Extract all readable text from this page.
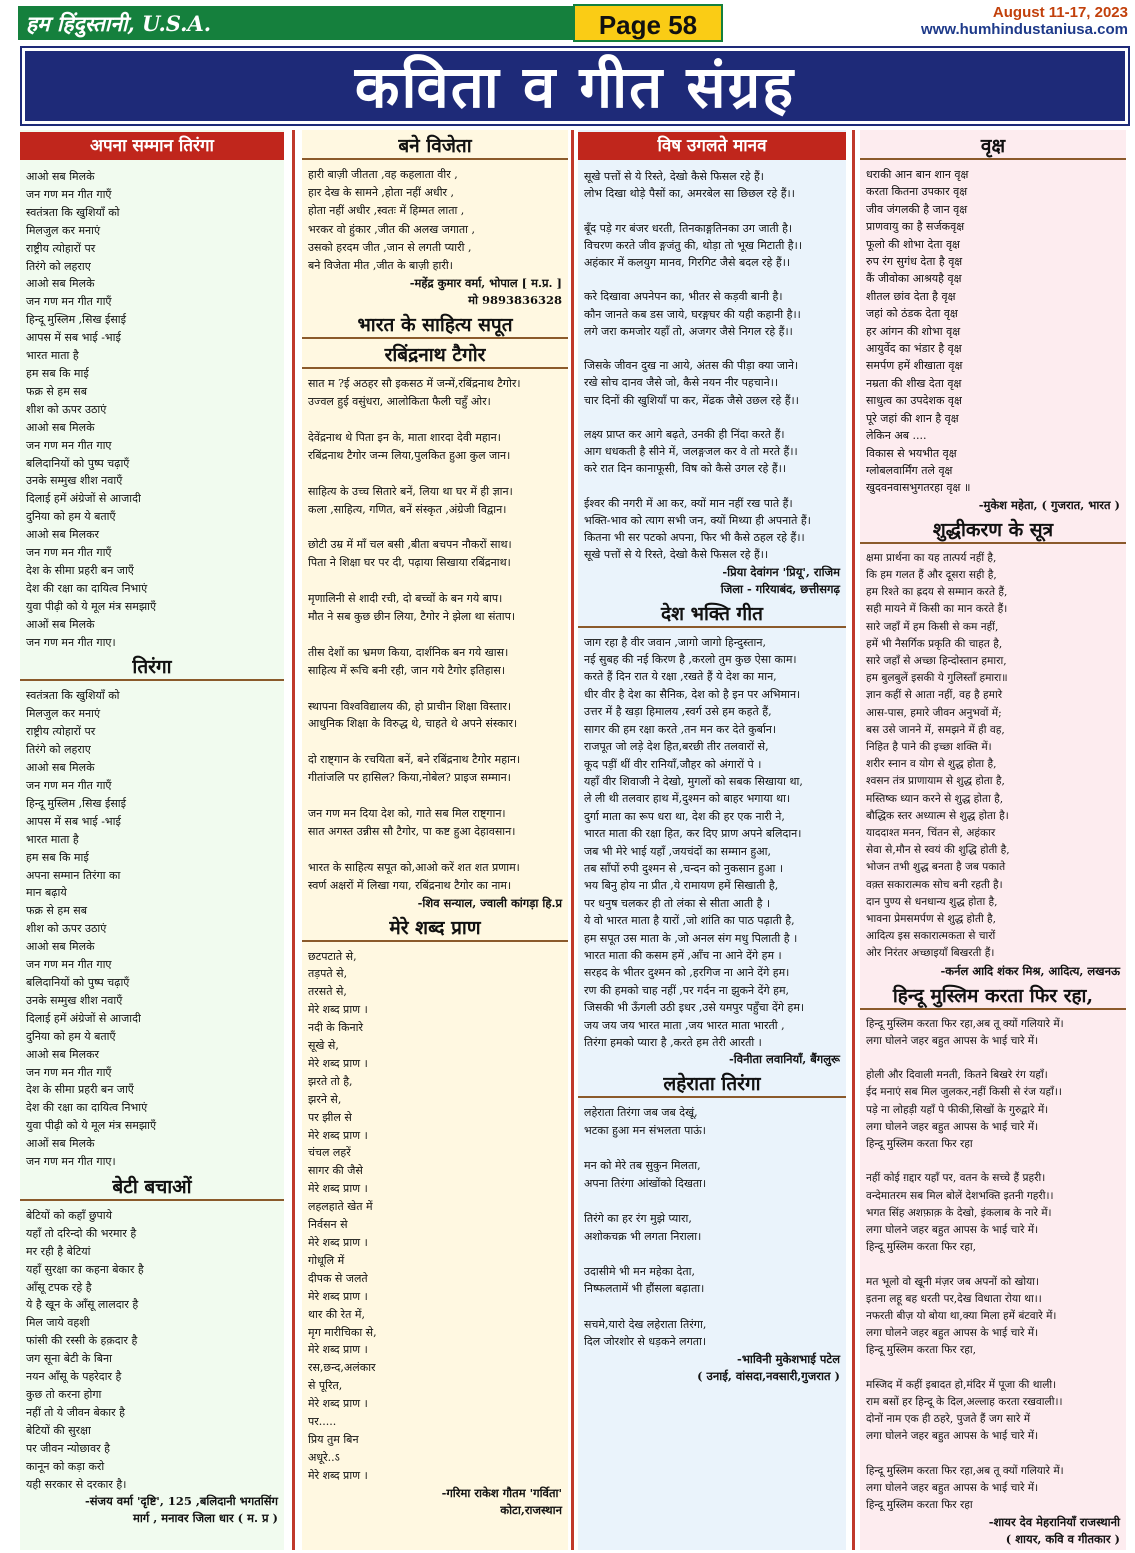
हम हिंदुस्तानी, U.S.A.	Page 58	August 11-17, 2023
www.humhindustaniusa.com
कविता व गीत संग्रह
अपना सम्मान तिरंगा
आओ सब मिलके
जन गण मन गीत गाएँ
स्वतंत्रता कि खुशियाँ को
मिलजुल कर मनाएं
राष्ट्रीय त्योहारों पर
तिरंगे को लहराए
आओ सब मिलके
जन गण मन गीत गाएँ
हिन्दू मुस्लिम ,सिख ईसाई
आपस में सब भाई -भाई
भारत माता है
हम सब कि माई
फक्र से हम सब
शीश को ऊपर उठाएं
आओ सब मिलके
जन गण मन गीत गाए
बलिदानियों को पुष्प चढ़ाएँ
उनके सम्मुख शीश नवाएँ
दिलाई हमें अंग्रेजों से आजादी
दुनिया को हम ये बताएँ
आओ सब मिलकर
जन गण मन गीत गाएँ
देश के सीमा प्रहरी बन जाएँ
देश की रक्षा का दायित्व निभाएं
युवा पीढ़ी को ये मूल मंत्र समझाएँ
आओं सब मिलके
जन गण मन गीत गाए।
तिरंगा
स्वतंत्रता कि खुशियाँ को
मिलजुल कर मनाएं
राष्ट्रीय त्योहारों पर
तिरंगे को लहराए
आओ सब मिलके
जन गण मन गीत गाएँ
हिन्दू मुस्लिम ,सिख ईसाई
आपस में सब भाई -भाई
भारत माता है
हम सब कि माई
अपना सम्मान तिरंगा का
मान बढ़ाये
फक्र से हम सब
शीश को ऊपर उठाएं
आओ सब मिलके
जन गण मन गीत गाए
बलिदानियों को पुष्प चढ़ाएँ
उनके सम्मुख शीश नवाएँ
दिलाई हमें अंग्रेजों से आजादी
दुनिया को हम ये बताएँ
आओ सब मिलकर
जन गण मन गीत गाएँ
देश के सीमा प्रहरी बन जाएँ
देश की रक्षा का दायित्व निभाएं
युवा पीढ़ी को ये मूल मंत्र समझाएँ
आओं सब मिलके
जन गण मन गीत गाए।
बेटी बचाओं
बेटियों को कहाँ छुपाये
यहाँ तो दरिन्दो की भरमार है
मर रही है बेटियां
यहाँ सुरक्षा का कहना बेकार है
आँसू टपक रहे है
ये है खून के आँसू लालदार है
मिल जाये वहशी
फांसी की रस्सी के हक़दार है
जग सूना बेटी के बिना
नयन आँसू के पहरेदार है
कुछ तो करना होगा
नहीं तो ये जीवन बेकार है
बेटियों की सुरक्षा
पर जीवन न्योछावर है
कानून को कड़ा करो
यही सरकार से दरकार है।
-संजय वर्मा 'दृष्टि', 125 ,बलिदानी भगतसिंग
मार्ग , मनावर जिला धार ( म. प्र )
बने विजेता
हारी बाज़ी जीतता ,वह कहलाता वीर ,
हार देख के सामने ,होता नहीं अधीर ,
होता नहीं अधीर ,स्वतः में हिम्मत लाता ,
भरकर वो हुंकार ,जीत की अलख जगाता ,
उसको हरदम जीत ,जान से लगती प्यारी ,
बने विजेता मीत ,जीत के बाज़ी हारी।
-महेंद्र कुमार वर्मा, भोपाल [ म.प्र. ]
मो 9893836328
भारत के साहित्य सपूत
रबिंद्रनाथ टैगोर
सात म ?ई अठहर सौ इकसठ में जन्में,रबिंद्रनाथ टैगोर।
उज्वल हुई वसुंधरा, आलोकिता फैली चहुँ ओर।

देवेंद्रनाथ थे पिता इन के, माता शारदा देवी महान।
रबिंद्रनाथ टैगोर जन्म लिया,पुलकित हुआ कुल जान।

साहित्य के उच्च सितारे बनें, लिया था घर में ही ज्ञान।
कला ,साहित्य, गणित, बनें संस्कृत ,अंग्रेजी विद्वान।

छोटी उम्र में माँ चल बसी ,बीता बचपन नौकरों साथ।
पिता ने शिक्षा घर पर दी, पढ़ाया सिखाया रबिंद्रनाथ।

मृणालिनी से शादी रची, दो बच्चों के बन गये बाप।
मौत ने सब कुछ छीन लिया, टैगोर ने झेला था संताप।

तीस देशों का भ्रमण किया, दार्शनिक बन गये खास।
साहित्य में रूचि बनी रही, जान गये टैगोर इतिहास।

स्थापना विश्वविद्यालय की, हो प्राचीन शिक्षा विस्तार।
आधुनिक शिक्षा के विरुद्ध थे, चाहते थे अपने संस्कार।

दो राष्ट्गान के रचयिता बनें, बने रबिंद्रनाथ टैगोर महान।
गीतांजलि पर हासिल? किया,नोबेल? प्राइज सम्मान।

जन गण मन दिया देश को, गाते सब मिल राष्ट्गान।
सात अगस्त उन्नीस सौ टैगोर, पा कष्ट हुआ देहावसान।

भारत के साहित्य सपूत को,आओ करें शत शत प्रणाम।
स्वर्ण अक्षरों में लिखा गया, रबिंद्रनाथ टैगोर का नाम।
-शिव सन्याल, ज्वाली कांगड़ा हि.प्र
मेरे शब्द प्राण
छटपटाते से,
तड़पते से,
तरसते से,
मेरे शब्द प्राण ।
नदी के किनारे
सूखे से,
मेरे शब्द प्राण ।
झरते तो है,
झरने से,
पर झील से
मेरे शब्द प्राण ।
चंचल लहरें
सागर की जैसे
मेरे शब्द प्राण ।
लहलहाते खेत में
निर्वसन से
मेरे शब्द प्राण ।
गोधूलि में
दीपक से जलते
मेरे शब्द प्राण ।
थार की रेत में,
मृग मारीचिका से,
मेरे शब्द प्राण ।
रस,छन्द,अलंकार
से पूरित,
मेरे शब्द प्राण ।
पर.....
प्रिय तुम बिन
अधूरे..ऽ
मेरे शब्द प्राण ।
-गरिमा राकेश गौतम 'गर्विता'
कोटा,राजस्थान
विष उगलते मानव
सूखे पत्तों से ये रिस्ते, देखो कैसे फिसल रहे हैं।
लोभ दिखा थोड़े पैसों का, अमरबेल सा छिछल रहे हैं।।

बूँद पड़े गर बंजर धरती, तिनकाङ्गतिनका उग जाती है।
विचरण करते जीव ङ्गजंतु की, थोड़ा तो भूख मिटाती है।।
अहंकार में कलयुग मानव, गिरगिट जैसे बदल रहे हैं।।

करे दिखावा अपनेपन का, भीतर से कड़वी बानी है।
कौन जानते कब डस जाये, घरङ्गघर की यही कहानी है।।
लगे जरा कमजोर यहाँ तो, अजगर जैसे निगल रहे हैं।।

जिसके जीवन दुख ना आये, अंतस की पीड़ा क्या जाने।
रखे सोच दानव जैसे जो, कैसे नयन नीर पहचाने।।
चार दिनों की खुशियाँ पा कर, मेंढक जैसे उछल रहे हैं।।

लक्ष्य प्राप्त कर आगे बढ़ते, उनकी ही निंदा करते हैं।
आग धधकती है सीने में, जलङ्गजल कर वे तो मरते हैं।।
करे रात दिन कानाफूसी, विष को कैसे उगल रहे हैं।।

ईश्वर की नगरी में आ कर, क्यों मान नहीं रख पाते हैं।
भक्ति-भाव को त्याग सभी जन, क्यों मिथ्या ही अपनाते हैं।
कितना भी सर पटको अपना, फिर भी कैसे ठहल रहे हैं।।
सूखे पत्तों से ये रिस्ते, देखो कैसे फिसल रहे हैं।।
-प्रिया देवांगन 'प्रियू', राजिम
जिला - गरियाबंद, छत्तीसगढ़
देश भक्ति गीत
जाग रहा है वीर जवान ,जागो जागो हिन्दुस्तान,
नई सुबह की नई किरण है ,करलो तुम कुछ ऐसा काम।
करते हैं दिन रात ये रक्षा ,रखते हैं ये देश का मान,
धीर वीर है देश का सैनिक, देश को है इन पर अभिमान।
उत्तर में है खड़ा हिमालय ,स्वर्ग उसे हम कहते हैं,
सागर की हम रक्षा करते ,तन मन कर देते कुर्बान।
राजपूत जो लड़े देश हित,बरछी तीर तलवारों से,
कूद पड़ीं थीं वीर रानियाँ,जौहर को अंगारों पे ।
यहाँ वीर शिवाजी ने देखो, मुगलों को सबक सिखाया था,
ले ली थी तलवार हाथ में,दुश्मन को बाहर भगाया था।
दुर्गा माता का रूप धरा था, देश की हर एक नारी ने,
भारत माता की रक्षा हित, कर दिए प्राण अपने बलिदान।
जब भी मेरे भाई यहाँ ,जयचंदों का सम्मान हुआ,
तब साँपों रुपी दुश्मन से ,चन्दन को नुकसान हुआ ।
भय बिनु होय ना प्रीत ,ये रामायण हमें सिखाती है,
पर धनुष चलकर ही तो लंका से सीता आती है ।
ये वो भारत माता है यारों ,जो शांति का पाठ पढ़ाती है,
हम सपूत उस माता के ,जो अनल संग मधु पिलाती है ।
भारत माता की कसम हमें ,आँच ना आने देंगे हम ।
सरहद के भीतर दुश्मन को ,हरगिज ना आने देंगे हम।
रण की हमको चाह नहीं ,पर गर्दन ना झुकने देंगे हम,
जिसकी भी ऊँगली उठी इधर ,उसे यमपुर पहुँचा देंगे हम।
जय जय जय भारत माता ,जय भारत माता भारती ,
तिरंगा हमको प्यारा है ,करते हम तेरी आरती ।
-विनीता लवानियाँ, बैंगलुरू
लहेराता तिरंगा
लहेराता तिरंगा जब जब देखूं,
भटका हुआ मन संभलता पाऊं।

मन को मेरे तब सुकुन मिलता,
अपना तिरंगा आंखोंको दिखता।

तिरंगे का हर रंग मुझे प्यारा,
अशोकचक्र भी लगता निराला।

उदासीमे भी मन महेका देता,
निष्फलतामें भी हौंसला बढ़ाता।

सचमे,यारो देख लहेराता तिरंगा,
दिल जोरशोर से धड़कने लगता।
-भाविनी मुकेशभाई पटेल
( उनाई, वांसदा,नवसारी,गुजरात )
वृक्ष
धराकी आन बान शान वृक्ष
करता कितना उपकार वृक्ष
जीव जंगलकी है जान वृक्ष
प्राणवायु का है सर्जकवृक्ष
फूलो की शोभा देता वृक्ष
रुप रंग सुगंध देता है वृक्ष
कैं जीवोका आश्रयहै वृक्ष
शीतल छांव देता है वृक्ष
जहां को ठंडक देता वृक्ष
हर आंगन की शोभा वृक्ष
आयुर्वेद का भंडार है वृक्ष
समर्पण हमें शीखाता वृक्ष
नम्रता की शीख देता वृक्ष
साधुत्व का उपदेशक वृक्ष
पूरे जहां की शान है वृक्ष
लेकिन अब ....
विकास से भयभीत वृक्ष
ग्लोबलवार्मिंग तले वृक्ष
खुदवनवासभुगतरहा वृक्ष ॥
-मुकेश महेता, ( गुजरात, भारत )
शुद्धीकरण के सूत्र
क्षमा प्रार्थना का यह तात्पर्य नहीं है,
कि हम गलत हैं और दूसरा सही है,
हम रिश्ते का ह्रदय से सम्मान करते हैं,
सही मायने में किसी का मान करते हैं।
सारे जहाँ में हम किसी से कम नहीं,
हमें भी नैसर्गिक प्रकृति की चाहत है,
सारे जहाँ से अच्छा हिन्दोस्तान हमारा,
हम बुलबुलें इसकी ये गुलिस्ताँ हमारा॥
ज्ञान कहीं से आता नहीं, वह है हमारे
आस-पास, हमारे जीवन अनुभवों में;
बस उसे जानने में, समझने में ही वह,
निहित है पाने की इच्छा शक्ति में।
शरीर स्नान व योग से शुद्ध होता है,
श्वसन तंत्र प्राणायाम से शुद्ध होता है,
मस्तिष्क ध्यान करने से शुद्ध होता है,
बौद्धिक स्तर अध्यात्म से शुद्ध होता है।
याददाश्त मनन, चिंतन से, अहंकार
सेवा से,मौन से स्वयं की शुद्धि होती है,
भोजन तभी शुद्ध बनता है जब पकाते
वक़्त सकारात्मक सोच बनी रहती है।
दान पुण्य से धनधान्य शुद्ध होता है,
भावना प्रेमसमर्पण से शुद्ध होती है,
आदित्य इस सकारात्मकता से चारों
ओर निरंतर अच्छाइयाँ बिखरती हैं।
-कर्नल आदि शंकर मिश्र, आदित्य, लखनऊ
हिन्दू मुस्लिम करता फिर रहा,
हिन्दू मुस्लिम करता फिर रहा,अब तू क्यों गलियारे में।
लगा घोलने जहर बहुत आपस के भाई चारे में।

होली और दिवाली मनती, कितने बिखरे रंग यहाँ।
ईद मनाएं सब मिल जुलकर,नहीं किसी से रंज यहाँ।।
पड़े ना लोहड़ी यहाँ पे फीकी,सिखों के गुरुद्वारे में।
लगा घोलने जहर बहुत आपस के भाई चारे में।
हिन्दू मुस्लिम करता फिर रहा

नहीं कोई ग़द्दार यहाँ पर, वतन के सच्चे हैं प्रहरी।
वन्देमातरम सब मिल बोलें देशभक्ति इतनी गहरी।।
भगत सिंह अशफ़ाक़ के देखो, इंकलाब के नारे में।
लगा घोलने जहर बहुत आपस के भाई चारे में।
हिन्दू मुस्लिम करता फिर रहा,

मत भूलो वो खूनी मंज़र जब अपनों को खोया।
इतना लहू बह धरती पर,देख विधाता रोया था।।
नफरती बीज़ यो बोया था,क्या मिला हमें बंटवारे में।
लगा घोलने जहर बहुत आपस के भाई चारे में।
हिन्दू मुस्लिम करता फिर रहा,

मस्जिद में कहीं इबादत हो,मंदिर में पूजा की थाली।
राम बसों हर हिन्दू के दिल,अल्लाह करता रखवाली।।
दोनों नाम एक ही ठहरे, पुजते हैं जग सारे में
लगा घोलने जहर बहुत आपस के भाई चारे में।

हिन्दू मुस्लिम करता फिर रहा,अब तू क्यों गलियारे में।
लगा घोलने जहर बहुत आपस के भाई चारे में।
हिन्दू मुस्लिम करता फिर रहा
-शायर देव मेहरानियाँ राजस्थानी
( शायर, कवि व गीतकार )
